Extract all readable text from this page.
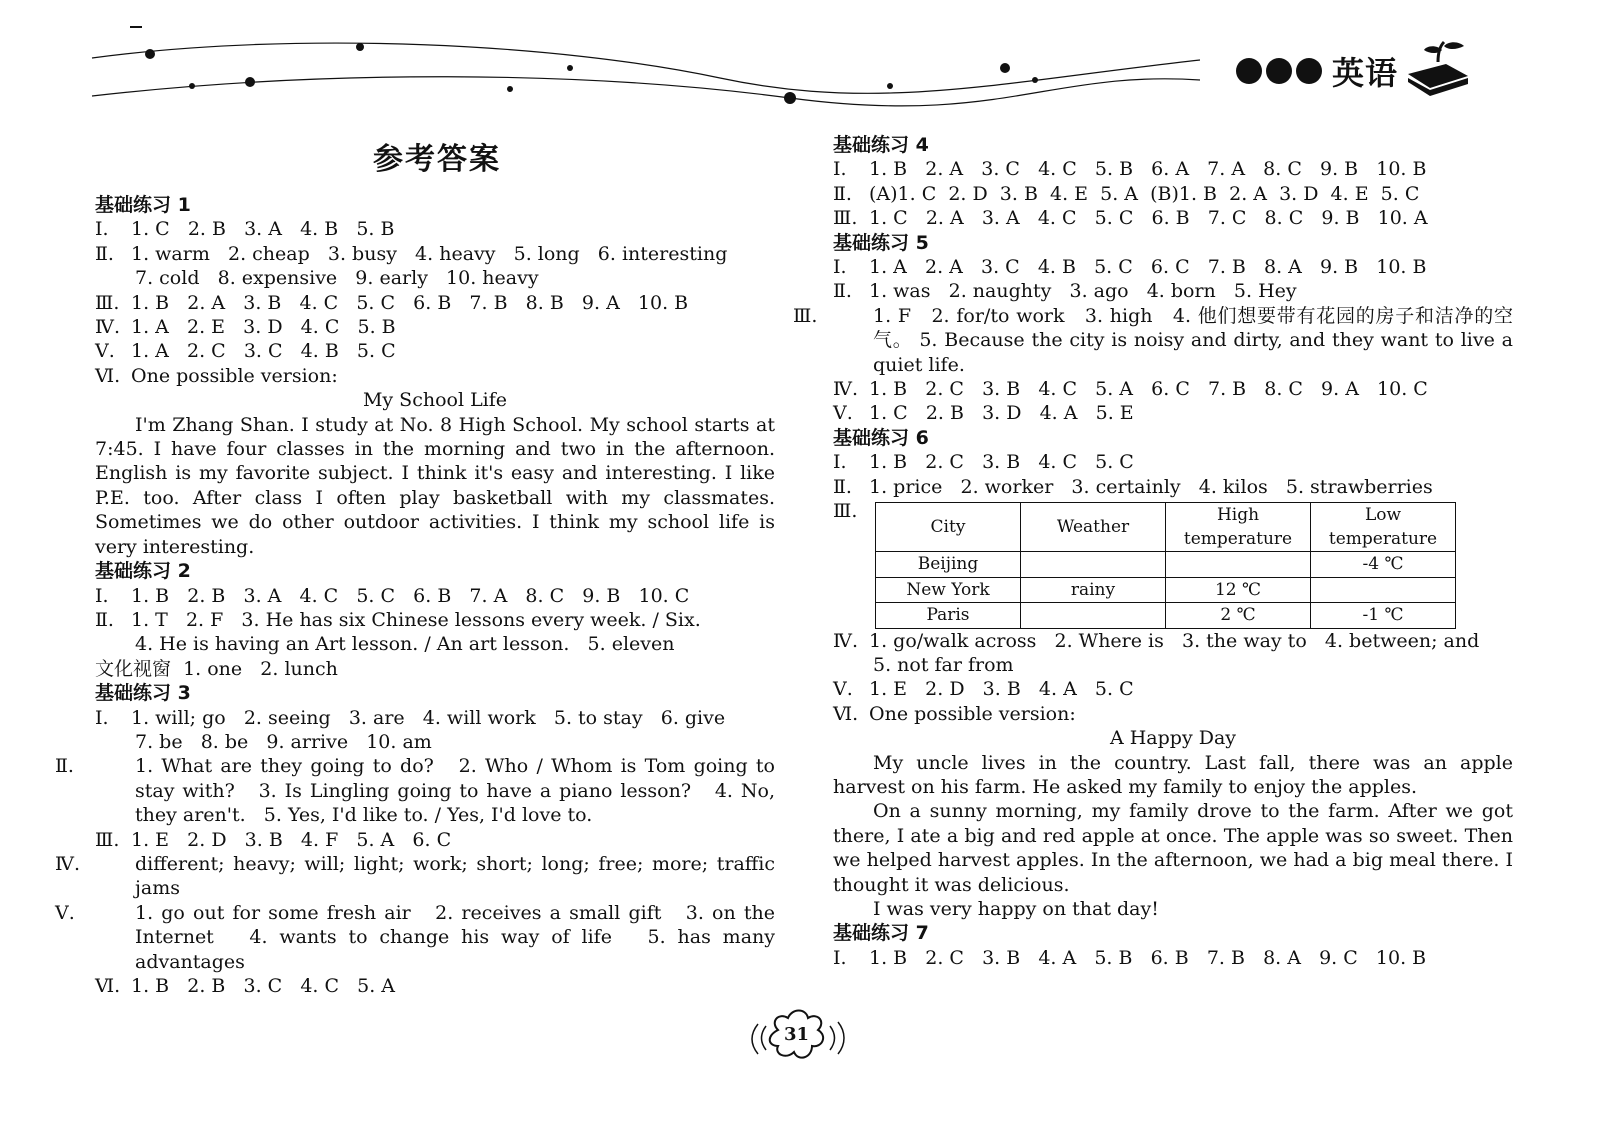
英语
参考答案
基础练习 1
Ⅰ. 1. C   2. B   3. A   4. B   5. B
Ⅱ. 1. warm   2. cheap   3. busy   4. heavy   5. long   6. interesting
7. cold   8. expensive   9. early   10. heavy
Ⅲ. 1. B   2. A   3. B   4. C   5. C   6. B   7. B   8. B   9. A   10. B
Ⅳ. 1. A   2. E   3. D   4. C   5. B
Ⅴ. 1. A   2. C   3. C   4. B   5. C
Ⅵ. One possible version:
My School Life
I'm Zhang Shan. I study at No. 8 High School. My school starts at 7:45. I have four classes in the morning and two in the afternoon. English is my favorite subject. I think it's easy and interesting. I like P.E. too. After class I often play basketball with my classmates. Sometimes we do other outdoor activities. I think my school life is very interesting.
基础练习 2
Ⅰ. 1. B   2. B   3. A   4. C   5. C   6. B   7. A   8. C   9. B   10. C
Ⅱ. 1. T   2. F   3. He has six Chinese lessons every week. / Six.
4. He is having an Art lesson. / An art lesson.   5. eleven
文化视窗  1. one   2. lunch
基础练习 3
Ⅰ. 1. will; go   2. seeing   3. are   4. will work   5. to stay   6. give
7. be   8. be   9. arrive   10. am
Ⅱ.	1. What are they going to do?   2. Who / Whom is Tom going to stay with?   3. Is Lingling going to have a piano lesson?   4. No, they aren't.   5. Yes, I'd like to. / Yes, I'd love to.
Ⅲ. 1. E   2. D   3. B   4. F   5. A   6. C
Ⅳ.	different; heavy; will; light; work; short; long; free; more; traffic jams
Ⅴ.	1. go out for some fresh air   2. receives a small gift   3. on the Internet   4. wants to change his way of life   5. has many advantages
Ⅵ. 1. B   2. B   3. C   4. C   5. A
基础练习 4
Ⅰ. 1. B   2. A   3. C   4. C   5. B   6. A   7. A   8. C   9. B   10. B
Ⅱ. (A)1. C  2. D  3. B  4. E  5. A  (B)1. B  2. A  3. D  4. E  5. C
Ⅲ. 1. C   2. A   3. A   4. C   5. C   6. B   7. C   8. C   9. B   10. A
基础练习 5
Ⅰ. 1. A   2. A   3. C   4. B   5. C   6. C   7. B   8. A   9. B   10. B
Ⅱ. 1. was   2. naughty   3. ago   4. born   5. Hey
Ⅲ.	1. F   2. for/to work   3. high   4. 他们想要带有花园的房子和洁净的空气。 5. Because the city is noisy and dirty, and they want to live a quiet life.
Ⅳ. 1. B   2. C   3. B   4. C   5. A   6. C   7. B   8. C   9. A   10. C
Ⅴ. 1. C   2. B   3. D   4. A   5. E
基础练习 6
Ⅰ. 1. B   2. C   3. B   4. C   5. C
Ⅱ. 1. price   2. worker   3. certainly   4. kilos   5. strawberries
Ⅲ.
City	Weather	High temperature	Low temperature
Beijing			-4 ℃
New York	rainy	12 ℃	
Paris		2 ℃	-1 ℃
Ⅳ. 1. go/walk across   2. Where is   3. the way to   4. between; and
5. not far from
Ⅴ. 1. E   2. D   3. B   4. A   5. C
Ⅵ. One possible version:
A Happy Day
My uncle lives in the country. Last fall, there was an apple harvest on his farm. He asked my family to enjoy the apples.
On a sunny morning, my family drove to the farm. After we got there, I ate a big and red apple at once. The apple was so sweet. Then we helped harvest apples. In the afternoon, we had a big meal there. I thought it was delicious.
I was very happy on that day!
基础练习 7
Ⅰ. 1. B   2. C   3. B   4. A   5. B   6. B   7. B   8. A   9. C   10. B
31
